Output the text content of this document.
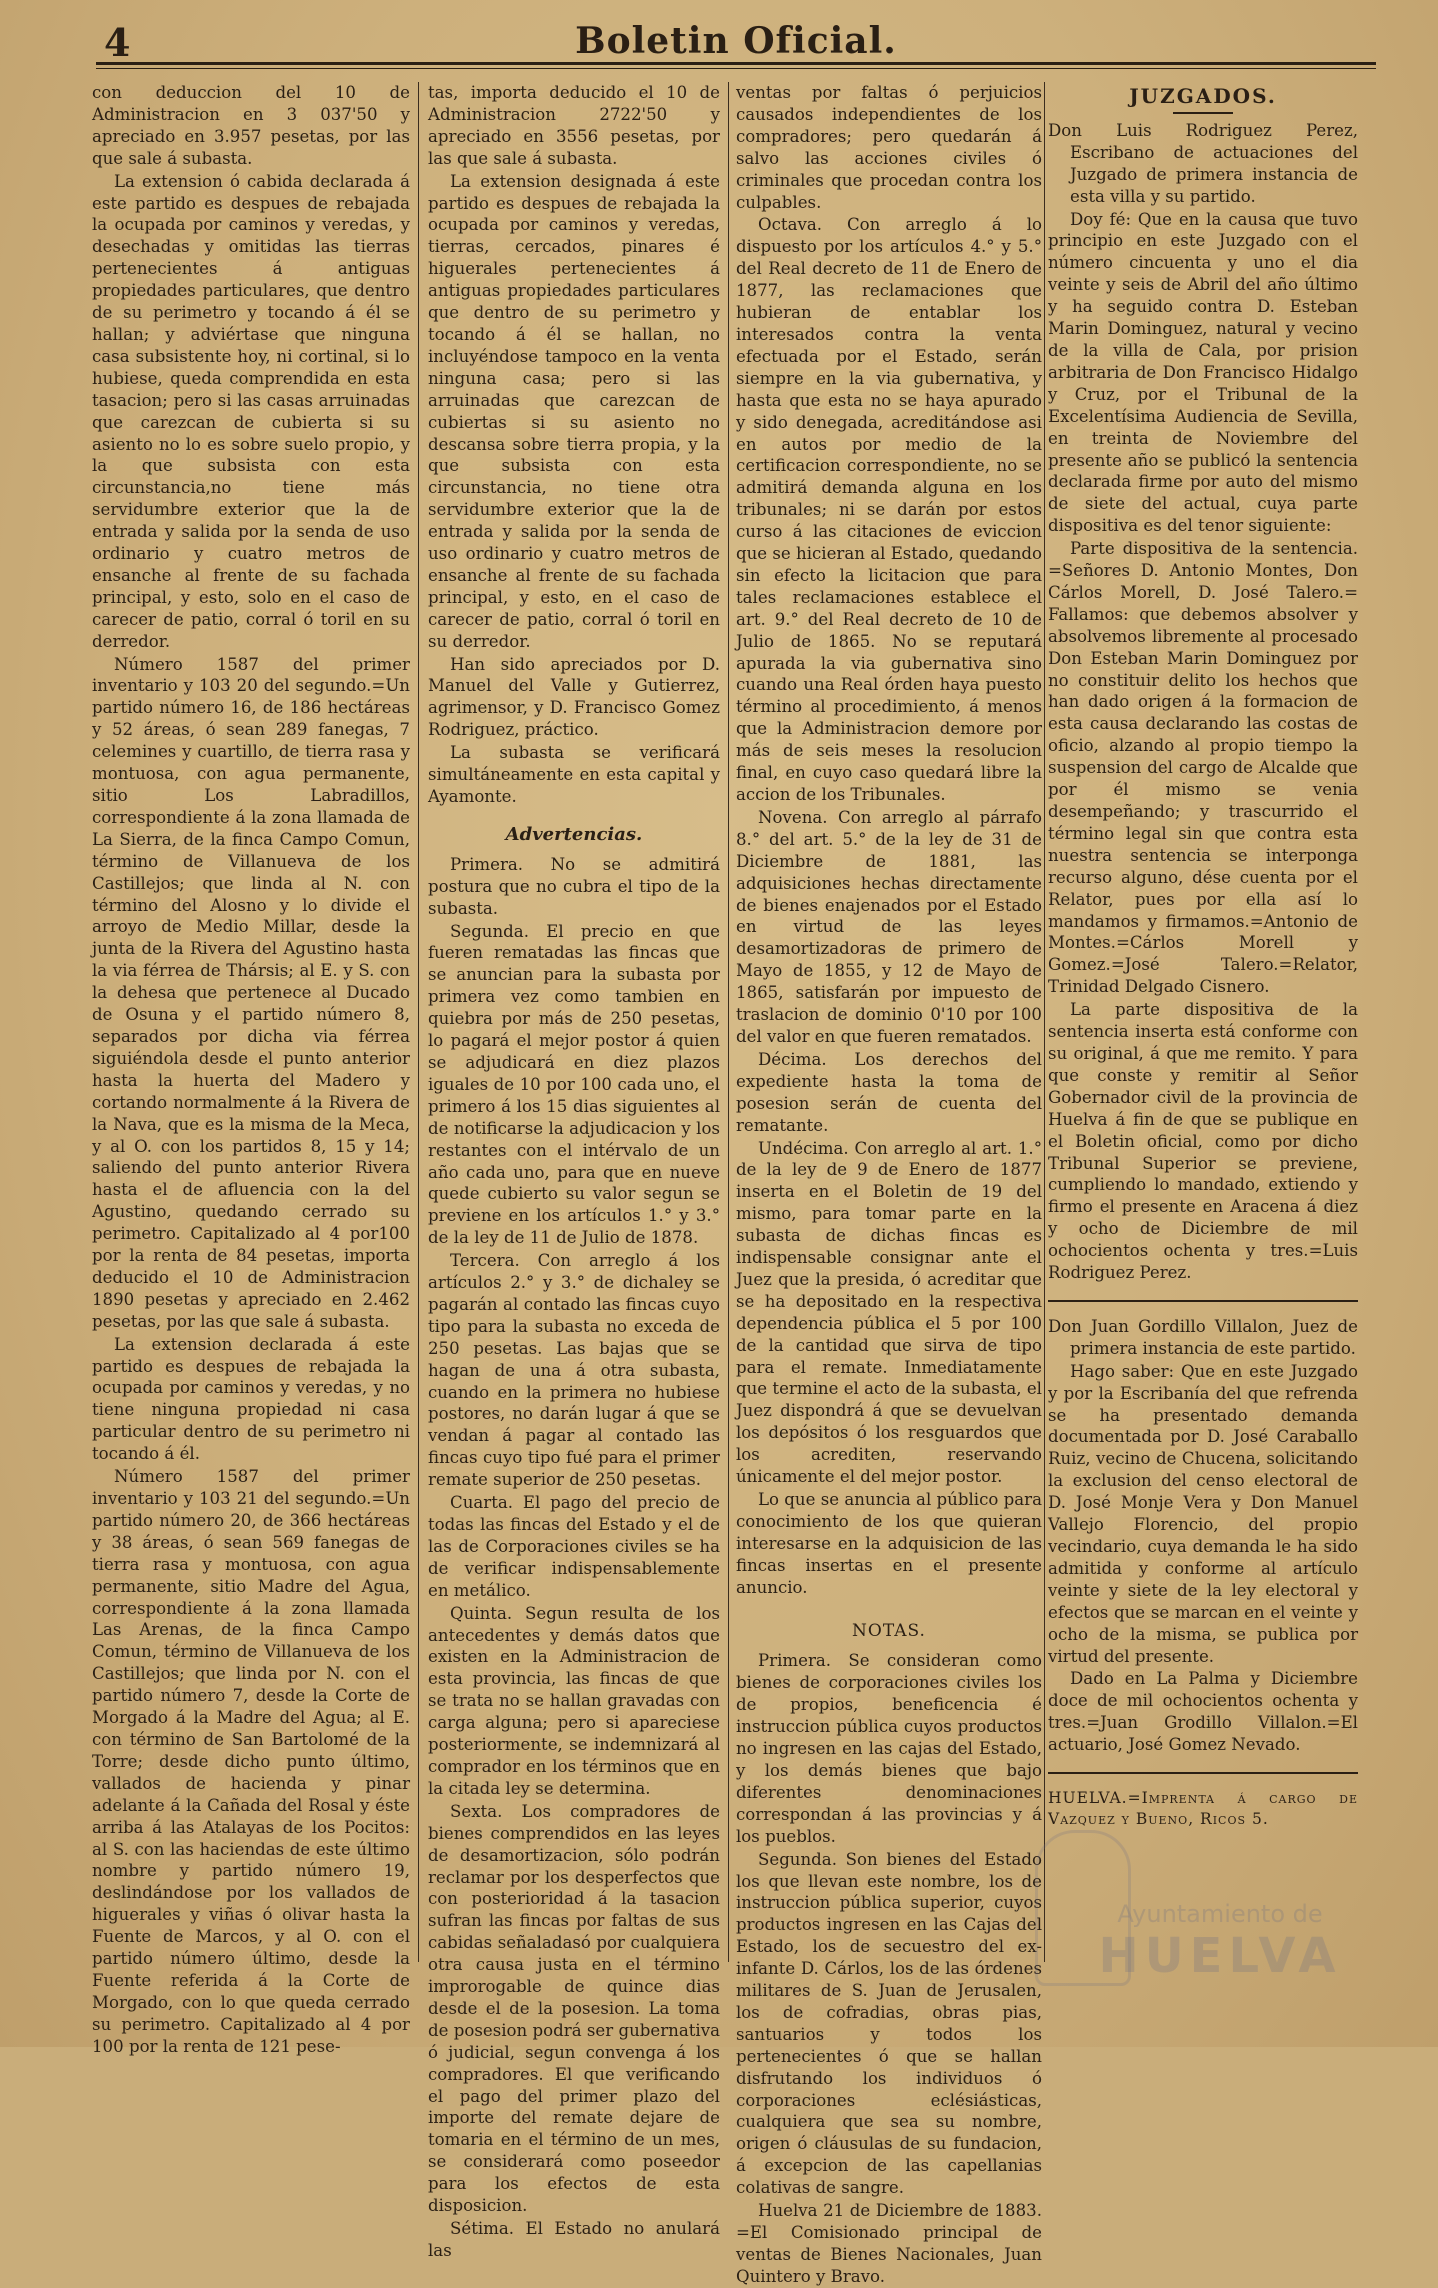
4	Boletin Oficial.

con deduccion del 10 de Administracion en 3 037'50 y apreciado en 3.957 pesetas, por las que sale á subasta.

La extension ó cabida declarada á este partido es despues de rebajada la ocupada por caminos y veredas, y desechadas y omitidas las tierras pertenecientes á antiguas propiedades particulares, que dentro de su perimetro y tocando á él se hallan; y adviértase que ninguna casa subsistente hoy, ni cortinal, si lo hubiese, queda comprendida en esta tasacion; pero si las casas arruinadas que carezcan de cubierta si su asiento no lo es sobre suelo propio, y la que subsista con esta circunstancia,no tiene más servidumbre exterior que la de entrada y salida por la senda de uso ordinario y cuatro metros de ensanche al frente de su fachada principal, y esto, solo en el caso de carecer de patio, corral ó toril en su derredor.

Número 1587 del primer inventario y 103 20 del segundo.=Un partido número 16, de 186 hectáreas y 52 áreas, ó sean 289 fanegas, 7 celemines y cuartillo, de tierra rasa y montuosa, con agua permanente, sitio Los Labradillos, correspondiente á la zona llamada de La Sierra, de la finca Campo Comun, término de Villanueva de los Castillejos; que linda al N. con término del Alosno y lo divide el arroyo de Medio Millar, desde la junta de la Rivera del Agustino hasta la via férrea de Thársis; al E. y S. con la dehesa que pertenece al Ducado de Osuna y el partido número 8, separados por dicha via férrea siguiéndola desde el punto anterior hasta la huerta del Madero y cortando normalmente á la Rivera de la Nava, que es la misma de la Meca, y al O. con los partidos 8, 15 y 14; saliendo del punto anterior Rivera hasta el de afluencia con la del Agustino, quedando cerrado su perimetro. Capitalizado al 4 por100 por la renta de 84 pesetas, importa deducido el 10 de Administracion 1890 pesetas y apreciado en 2.462 pesetas, por las que sale á subasta.

La extension declarada á este partido es despues de rebajada la ocupada por caminos y veredas, y no tiene ninguna propiedad ni casa particular dentro de su perimetro ni tocando á él.

Número 1587 del primer inventario y 103 21 del segundo.=Un partido número 20, de 366 hectáreas y 38 áreas, ó sean 569 fanegas de tierra rasa y montuosa, con agua permanente, sitio Madre del Agua, correspondiente á la zona llamada Las Arenas, de la finca Campo Comun, término de Villanueva de los Castillejos; que linda por N. con el partido número 7, desde la Corte de Morgado á la Madre del Agua; al E. con término de San Bartolomé de la Torre; desde dicho punto último, vallados de hacienda y pinar adelante á la Cañada del Rosal y éste arriba á las Atalayas de los Pocitos: al S. con las haciendas de este último nombre y partido número 19, deslindándose por los vallados de higuerales y viñas ó olivar hasta la Fuente de Marcos, y al O. con el partido número último, desde la Fuente referida á la Corte de Morgado, con lo que queda cerrado su perimetro. Capitalizado al 4 por 100 por la renta de 121 pese-

tas, importa deducido el 10 de Administracion 2722'50 y apreciado en 3556 pesetas, por las que sale á subasta.

La extension designada á este partido es despues de rebajada la ocupada por caminos y veredas, tierras, cercados, pinares é higuerales pertenecientes á antiguas propiedades particulares que dentro de su perimetro y tocando á él se hallan, no incluyéndose tampoco en la venta ninguna casa; pero si las arruinadas que carezcan de cubiertas si su asiento no descansa sobre tierra propia, y la que subsista con esta circunstancia, no tiene otra servidumbre exterior que la de entrada y salida por la senda de uso ordinario y cuatro metros de ensanche al frente de su fachada principal, y esto, en el caso de carecer de patio, corral ó toril en su derredor.

Han sido apreciados por D. Manuel del Valle y Gutierrez, agrimensor, y D. Francisco Gomez Rodriguez, práctico.

La subasta se verificará simultáneamente en esta capital y Ayamonte.

Advertencias.

Primera. No se admitirá postura que no cubra el tipo de la subasta.

Segunda. El precio en que fueren rematadas las fincas que se anuncian para la subasta por primera vez como tambien en quiebra por más de 250 pesetas, lo pagará el mejor postor á quien se adjudicará en diez plazos iguales de 10 por 100 cada uno, el primero á los 15 dias siguientes al de notificarse la adjudicacion y los restantes con el intérvalo de un año cada uno, para que en nueve quede cubierto su valor segun se previene en los artículos 1.° y 3.° de la ley de 11 de Julio de 1878.

Tercera. Con arreglo á los artículos 2.° y 3.° de dichaley se pagarán al contado las fincas cuyo tipo para la subasta no exceda de 250 pesetas. Las bajas que se hagan de una á otra subasta, cuando en la primera no hubiese postores, no darán lugar á que se vendan á pagar al contado las fincas cuyo tipo fué para el primer remate superior de 250 pesetas.

Cuarta. El pago del precio de todas las fincas del Estado y el de las de Corporaciones civiles se ha de verificar indispensablemente en metálico.

Quinta. Segun resulta de los antecedentes y demás datos que existen en la Administracion de esta provincia, las fincas de que se trata no se hallan gravadas con carga alguna; pero si apareciese posteriormente, se indemnizará al comprador en los términos que en la citada ley se determina.

Sexta. Los compradores de bienes comprendidos en las leyes de desamortizacion, sólo podrán reclamar por los desperfectos que con posterioridad á la tasacion sufran las fincas por faltas de sus cabidas señaladasó por cualquiera otra causa justa en el término improrogable de quince dias desde el de la posesion. La toma de posesion podrá ser gubernativa ó judicial, segun convenga á los compradores. El que verificando el pago del primer plazo del importe del remate dejare de tomaria en el término de un mes, se considerará como poseedor para los efectos de esta disposicion.

Sétima. El Estado no anulará las

ventas por faltas ó perjuicios causados independientes de los compradores; pero quedarán á salvo las acciones civiles ó criminales que procedan contra los culpables.

Octava. Con arreglo á lo dispuesto por los artículos 4.° y 5.° del Real decreto de 11 de Enero de 1877, las reclamaciones que hubieran de entablar los interesados contra la venta efectuada por el Estado, serán siempre en la via gubernativa, y hasta que esta no se haya apurado y sido denegada, acreditándose asi en autos por medio de la certificacion correspondiente, no se admitirá demanda alguna en los tribunales; ni se darán por estos curso á las citaciones de eviccion que se hicieran al Estado, quedando sin efecto la licitacion que para tales reclamaciones establece el art. 9.° del Real decreto de 10 de Julio de 1865. No se reputará apurada la via gubernativa sino cuando una Real órden haya puesto término al procedimiento, á menos que la Administracion demore por más de seis meses la resolucion final, en cuyo caso quedará libre la accion de los Tribunales.

Novena. Con arreglo al párrafo 8.° del art. 5.° de la ley de 31 de Diciembre de 1881, las adquisiciones hechas directamente de bienes enajenados por el Estado en virtud de las leyes desamortizadoras de primero de Mayo de 1855, y 12 de Mayo de 1865, satisfarán por impuesto de traslacion de dominio 0'10 por 100 del valor en que fueren rematados.

Décima. Los derechos del expediente hasta la toma de posesion serán de cuenta del rematante.

Undécima. Con arreglo al art. 1.° de la ley de 9 de Enero de 1877 inserta en el Boletin de 19 del mismo, para tomar parte en la subasta de dichas fincas es indispensable consignar ante el Juez que la presida, ó acreditar que se ha depositado en la respectiva dependencia pública el 5 por 100 de la cantidad que sirva de tipo para el remate. Inmediatamente que termine el acto de la subasta, el Juez dispondrá á que se devuelvan los depósitos ó los resguardos que los acrediten, reservando únicamente el del mejor postor.

Lo que se anuncia al público para conocimiento de los que quieran interesarse en la adquisicion de las fincas insertas en el presente anuncio.

NOTAS.

Primera. Se consideran como bienes de corporaciones civiles los de propios, beneficencia é instruccion pública cuyos productos no ingresen en las cajas del Estado, y los demás bienes que bajo diferentes denominaciones correspondan á las provincias y á los pueblos.

Segunda. Son bienes del Estado los que llevan este nombre, los de instruccion pública superior, cuyos productos ingresen en las Cajas del Estado, los de secuestro del ex-infante D. Cárlos, los de las órdenes militares de S. Juan de Jerusalen, los de cofradias, obras pias, santuarios y todos los pertenecientes ó que se hallan disfrutando los individuos ó corporaciones eclésiásticas, cualquiera que sea su nombre, origen ó cláusulas de su fundacion, á excepcion de las capellanias colativas de sangre.

Huelva 21 de Diciembre de 1883. =El Comisionado principal de ventas de Bienes Nacionales, Juan Quintero y Bravo.

JUZGADOS.

Don Luis Rodriguez Perez, Escribano de actuaciones del Juzgado de primera instancia de esta villa y su partido.

Doy fé: Que en la causa que tuvo principio en este Juzgado con el número cincuenta y uno el dia veinte y seis de Abril del año último y ha seguido contra D. Esteban Marin Dominguez, natural y vecino de la villa de Cala, por prision arbitraria de Don Francisco Hidalgo y Cruz, por el Tribunal de la Excelentísima Audiencia de Sevilla, en treinta de Noviembre del presente año se publicó la sentencia declarada firme por auto del mismo de siete del actual, cuya parte dispositiva es del tenor siguiente:

Parte dispositiva de la sentencia. =Señores D. Antonio Montes, Don Cárlos Morell, D. José Talero.= Fallamos: que debemos absolver y absolvemos libremente al procesado Don Esteban Marin Dominguez por no constituir delito los hechos que han dado origen á la formacion de esta causa declarando las costas de oficio, alzando al propio tiempo la suspension del cargo de Alcalde que por él mismo se venia desempeñando; y trascurrido el término legal sin que contra esta nuestra sentencia se interponga recurso alguno, dése cuenta por el Relator, pues por ella así lo mandamos y firmamos.=Antonio de Montes.=Cárlos Morell y Gomez.=José Talero.=Relator, Trinidad Delgado Cisnero.

La parte dispositiva de la sentencia inserta está conforme con su original, á que me remito. Y para que conste y remitir al Señor Gobernador civil de la provincia de Huelva á fin de que se publique en el Boletin oficial, como por dicho Tribunal Superior se previene, cumpliendo lo mandado, extiendo y firmo el presente en Aracena á diez y ocho de Diciembre de mil ochocientos ochenta y tres.=Luis Rodriguez Perez.

Don Juan Gordillo Villalon, Juez de primera instancia de este partido.

Hago saber: Que en este Juzgado y por la Escribanía del que refrenda se ha presentado demanda documentada por D. José Caraballo Ruiz, vecino de Chucena, solicitando la exclusion del censo electoral de D. José Monje Vera y Don Manuel Vallejo Florencio, del propio vecindario, cuya demanda le ha sido admitida y conforme al artículo veinte y siete de la ley electoral y efectos que se marcan en el veinte y ocho de la misma, se publica por virtud del presente.

Dado en La Palma y Diciembre doce de mil ochocientos ochenta y tres.=Juan Grodillo Villalon.=El actuario, José Gomez Nevado.

HUELVA.=Imprenta á cargo de Vazquez y Bueno, Ricos 5.
Ayuntamiento de
HUELVA
